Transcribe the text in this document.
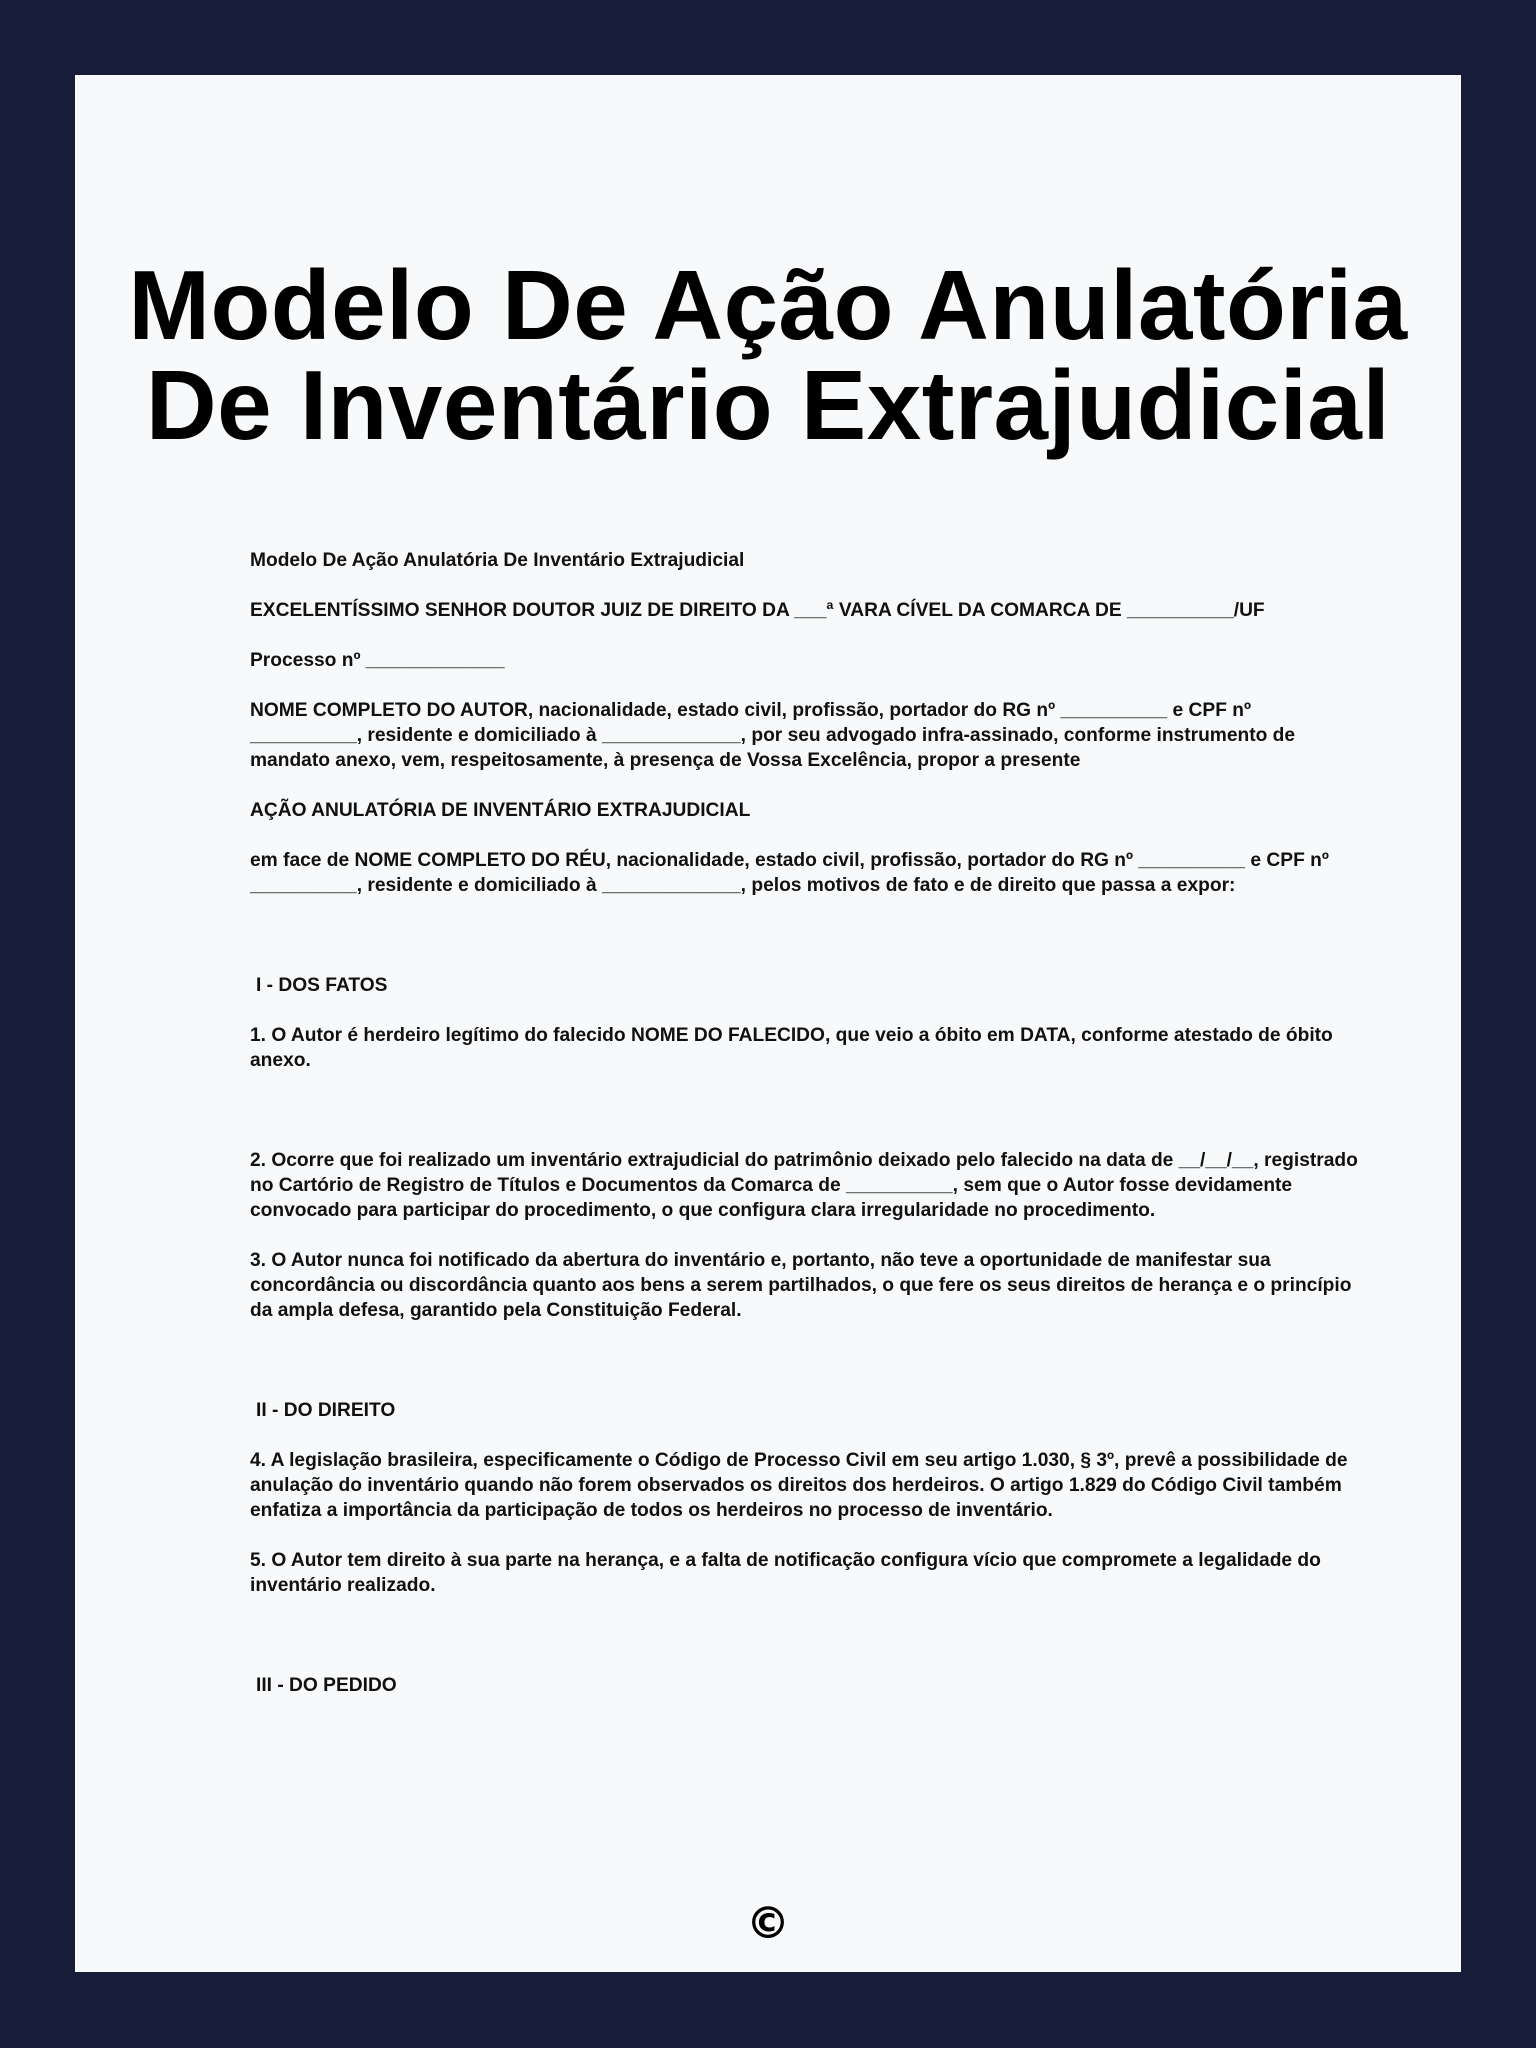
Modelo De Ação Anulatória
De Inventário Extrajudicial

Modelo De Ação Anulatória De Inventário Extrajudicial

EXCELENTÍSSIMO SENHOR DOUTOR JUIZ DE DIREITO DA ___ª VARA CÍVEL DA COMARCA DE __________/UF

Processo nº _____________

NOME COMPLETO DO AUTOR, nacionalidade, estado civil, profissão, portador do RG nº __________ e CPF nº __________, residente e domiciliado à _____________, por seu advogado infra-assinado, conforme instrumento de mandato anexo, vem, respeitosamente, à presença de Vossa Excelência, propor a presente

AÇÃO ANULATÓRIA DE INVENTÁRIO EXTRAJUDICIAL

em face de NOME COMPLETO DO RÉU, nacionalidade, estado civil, profissão, portador do RG nº __________ e CPF nº __________, residente e domiciliado à _____________, pelos motivos de fato e de direito que passa a expor:

I - DOS FATOS

1. O Autor é herdeiro legítimo do falecido NOME DO FALECIDO, que veio a óbito em DATA, conforme atestado de óbito anexo.

2. Ocorre que foi realizado um inventário extrajudicial do patrimônio deixado pelo falecido na data de __/__/__, registrado no Cartório de Registro de Títulos e Documentos da Comarca de __________, sem que o Autor fosse devidamente convocado para participar do procedimento, o que configura clara irregularidade no procedimento.

3. O Autor nunca foi notificado da abertura do inventário e, portanto, não teve a oportunidade de manifestar sua concordância ou discordância quanto aos bens a serem partilhados, o que fere os seus direitos de herança e o princípio da ampla defesa, garantido pela Constituição Federal.

II - DO DIREITO

4. A legislação brasileira, especificamente o Código de Processo Civil em seu artigo 1.030, § 3º, prevê a possibilidade de anulação do inventário quando não forem observados os direitos dos herdeiros. O artigo 1.829 do Código Civil também enfatiza a importância da participação de todos os herdeiros no processo de inventário.

5. O Autor tem direito à sua parte na herança, e a falta de notificação configura vício que compromete a legalidade do inventário realizado.

III - DO PEDIDO

©
